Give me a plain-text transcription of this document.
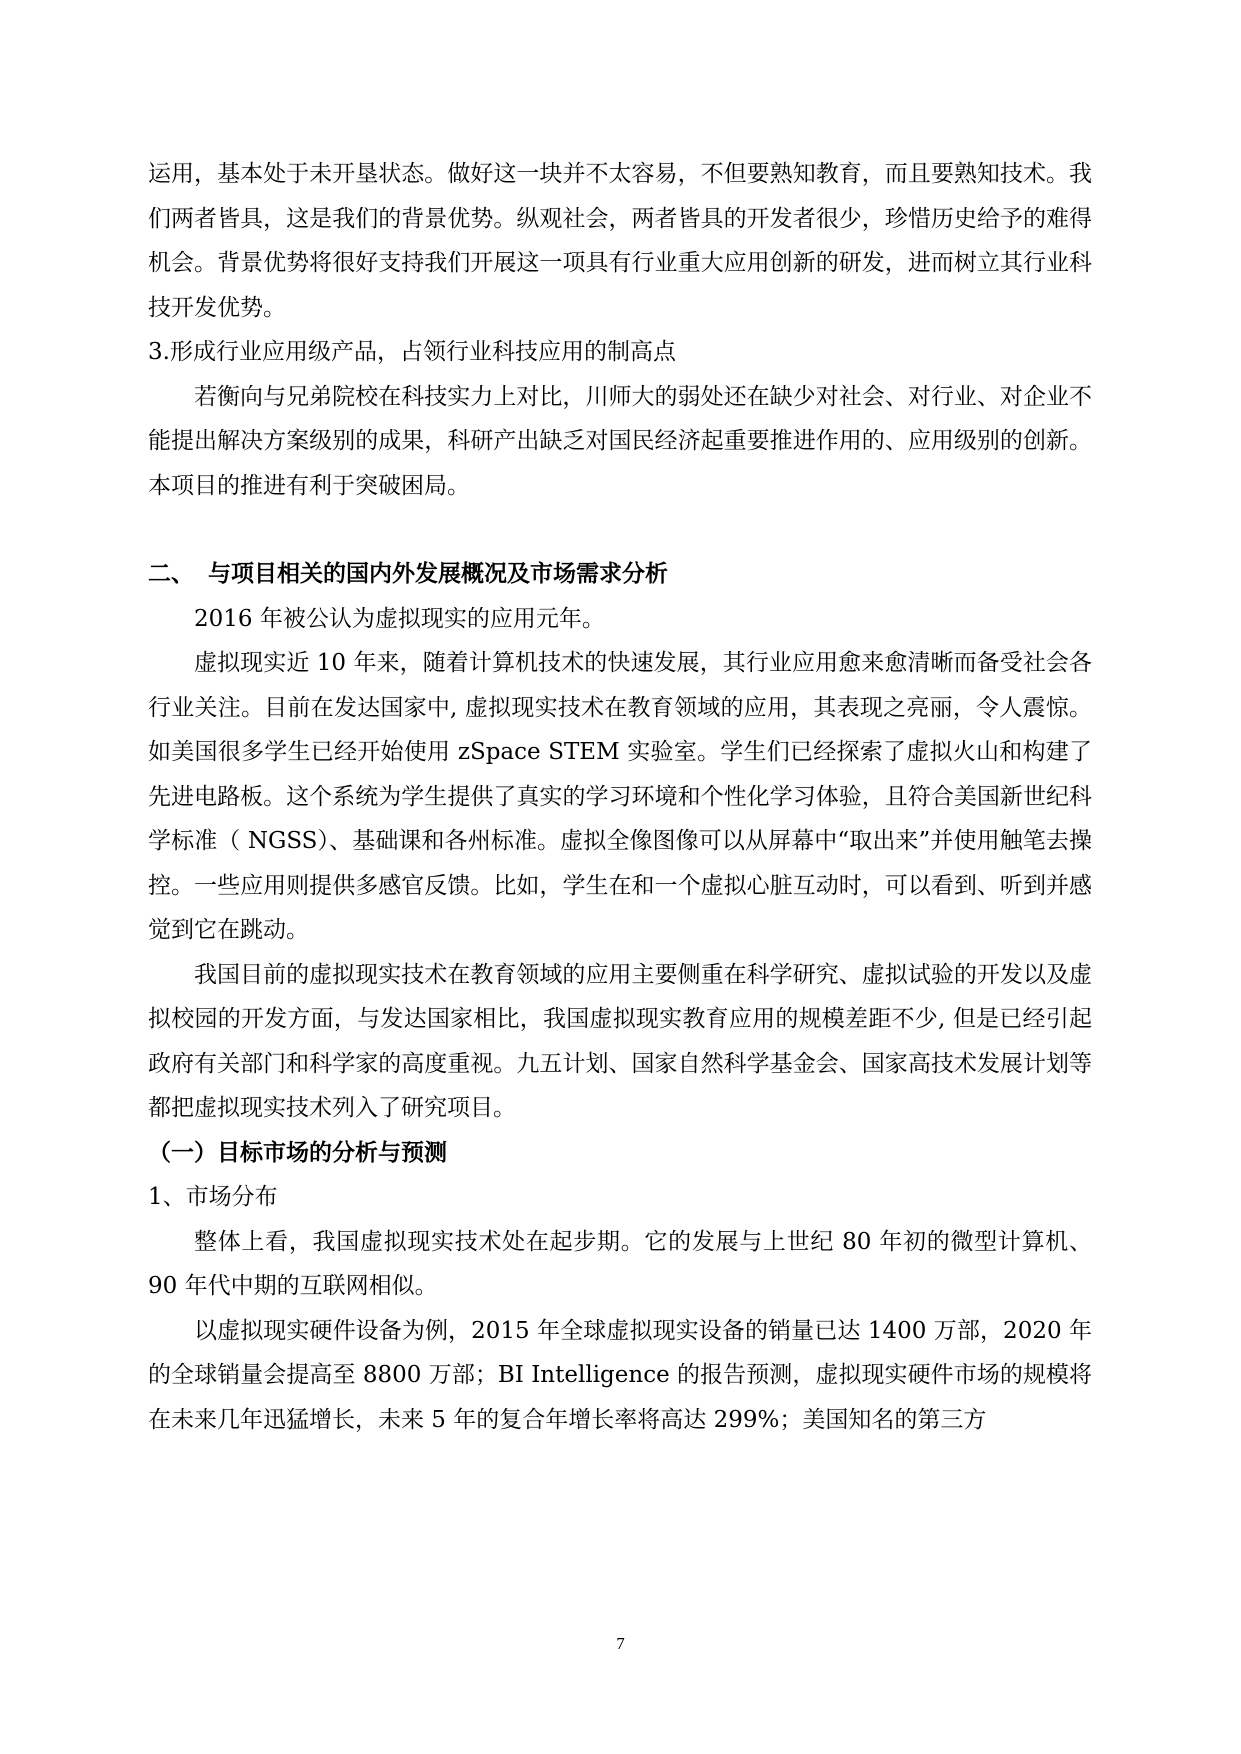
运用，基本处于未开垦状态。做好这一块并不太容易，不但要熟知教育，而且要熟知技术。我们两者皆具，这是我们的背景优势。纵观社会，两者皆具的开发者很少，珍惜历史给予的难得机会。背景优势将很好支持我们开展这一项具有行业重大应用创新的研发，进而树立其行业科技开发优势。

3.形成行业应用级产品，占领行业科技应用的制高点

若衡向与兄弟院校在科技实力上对比，川师大的弱处还在缺少对社会、对行业、对企业不能提出解决方案级别的成果，科研产出缺乏对国民经济起重要推进作用的、应用级别的创新。本项目的推进有利于突破困局。

二、 与项目相关的国内外发展概况及市场需求分析

2016 年被公认为虚拟现实的应用元年。

虚拟现实近 10 年来，随着计算机技术的快速发展，其行业应用愈来愈清晰而备受社会各行业关注。目前在发达国家中, 虚拟现实技术在教育领域的应用，其表现之亮丽，令人震惊。如美国很多学生已经开始使用 zSpace STEM 实验室。学生们已经探索了虚拟火山和构建了先进电路板。这个系统为学生提供了真实的学习环境和个性化学习体验，且符合美国新世纪科学标准（ NGSS）、基础课和各州标准。虚拟全像图像可以从屏幕中“取出来”并使用触笔去操控。一些应用则提供多感官反馈。比如，学生在和一个虚拟心脏互动时，可以看到、听到并感觉到它在跳动。

我国目前的虚拟现实技术在教育领域的应用主要侧重在科学研究、虚拟试验的开发以及虚拟校园的开发方面，与发达国家相比，我国虚拟现实教育应用的规模差距不少, 但是已经引起政府有关部门和科学家的高度重视。九五计划、国家自然科学基金会、国家高技术发展计划等都把虚拟现实技术列入了研究项目。

（一）目标市场的分析与预测

1、市场分布

整体上看，我国虚拟现实技术处在起步期。它的发展与上世纪 80 年初的微型计算机、90 年代中期的互联网相似。

以虚拟现实硬件设备为例，2015 年全球虚拟现实设备的销量已达 1400 万部，2020 年的全球销量会提高至 8800 万部；BI Intelligence 的报告预测，虚拟现实硬件市场的规模将在未来几年迅猛增长，未来 5 年的复合年增长率将高达 299%；美国知名的第三方

7
